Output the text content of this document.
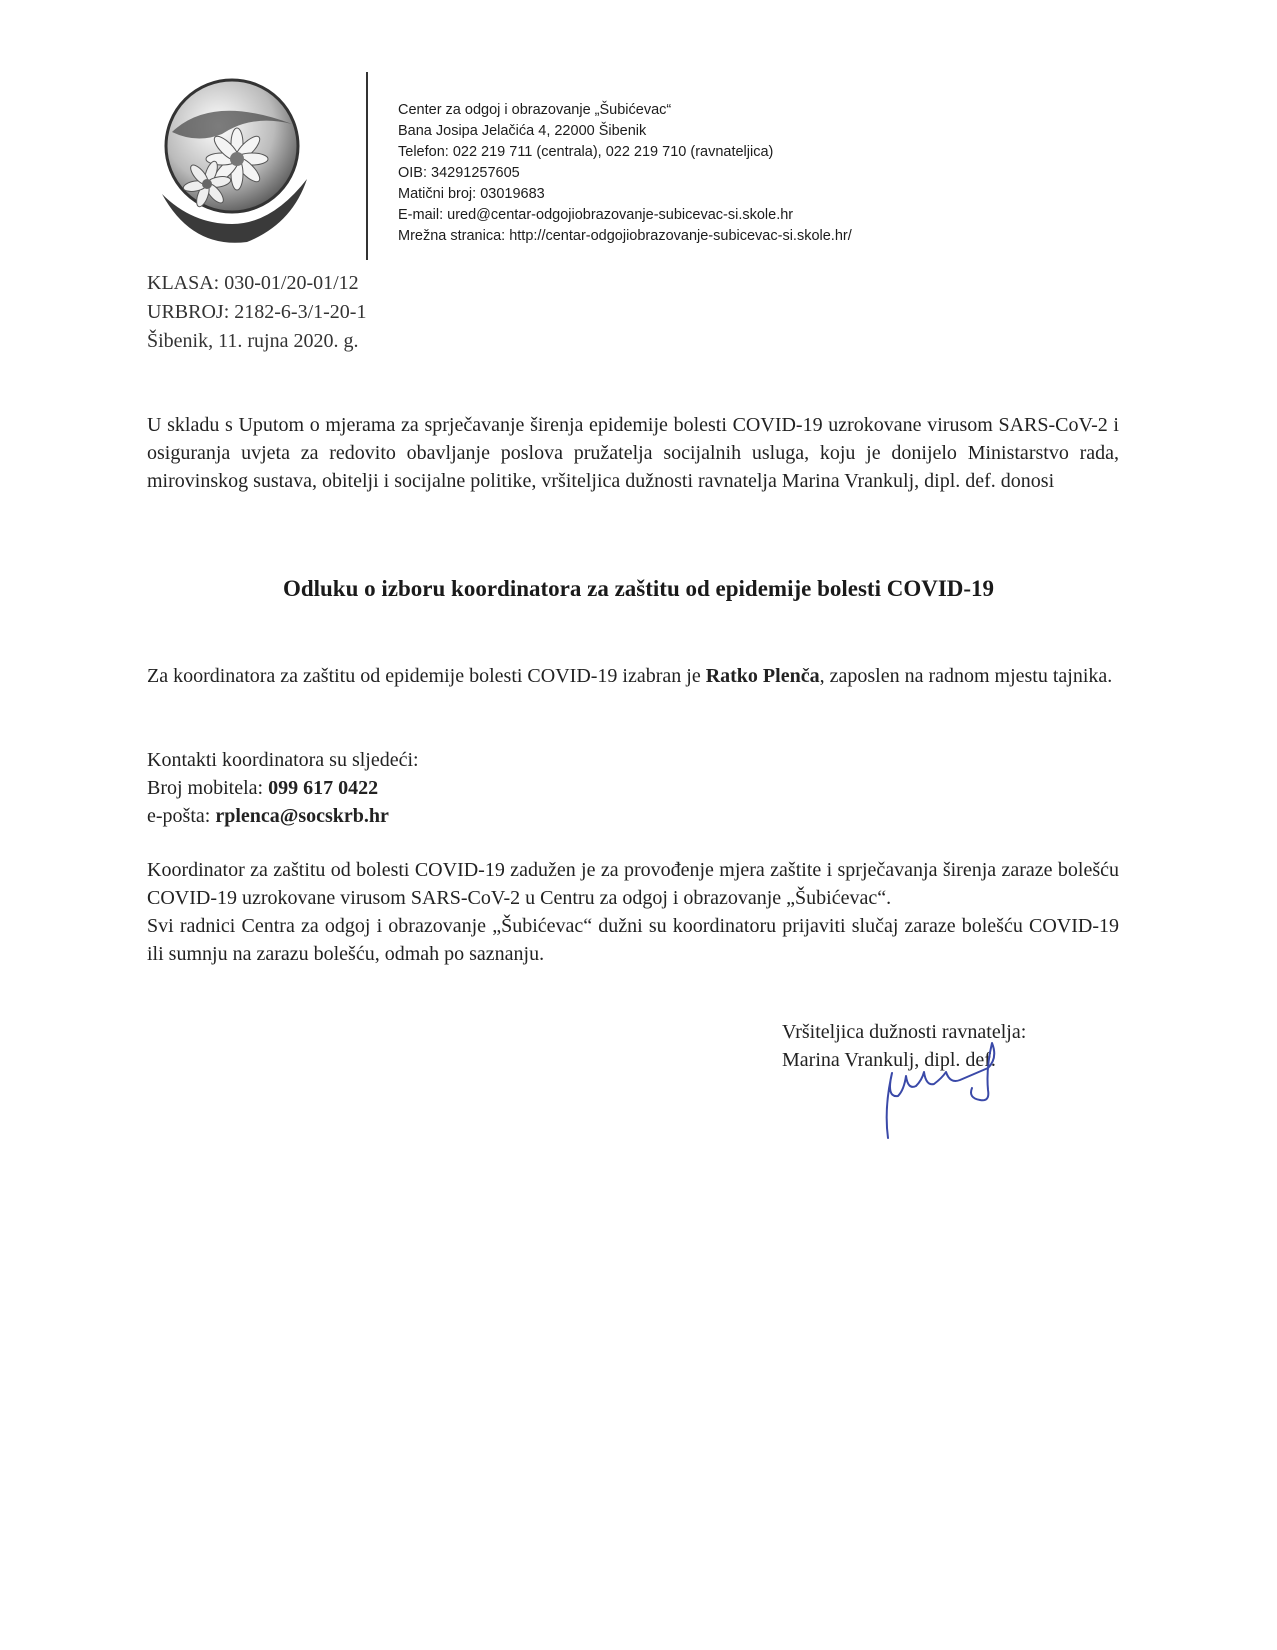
Center za odgoj i obrazovanje „Šubićevac“
Bana Josipa Jelačića 4, 22000 Šibenik
Telefon: 022 219 711 (centrala), 022 219 710 (ravnateljica)
OIB: 34291257605
Matični broj: 03019683
E-mail: ured@centar-odgojiobrazovanje-subicevac-si.skole.hr
Mrežna stranica: http://centar-odgojiobrazovanje-subicevac-si.skole.hr/
KLASA: 030-01/20-01/12
URBROJ: 2182-6-3/1-20-1
Šibenik, 11. rujna 2020. g.

U skladu s Uputom o mjerama za sprječavanje širenja epidemije bolesti COVID-19 uzrokovane virusom SARS-CoV-2 i osiguranja uvjeta za redovito obavljanje poslova pružatelja socijalnih usluga, koju je donijelo Ministarstvo rada, mirovinskog sustava, obitelji i socijalne politike, vršiteljica dužnosti ravnatelja Marina Vrankulj, dipl. def. donosi

Odluku o izboru koordinatora za zaštitu od epidemije bolesti COVID-19

Za koordinatora za zaštitu od epidemije bolesti COVID-19 izabran je Ratko Plenča, zaposlen na radnom mjestu tajnika.

Kontakti koordinatora su sljedeći:
Broj mobitela: 099 617 0422
e-pošta: rplenca@socskrb.hr
Koordinator za zaštitu od bolesti COVID-19 zadužen je za provođenje mjera zaštite i sprječavanja širenja zaraze bolešću COVID-19 uzrokovane virusom SARS-CoV-2 u Centru za odgoj i obrazovanje „Šubićevac“.
Svi radnici Centra za odgoj i obrazovanje „Šubićevac“ dužni su koordinatoru prijaviti slučaj zaraze bolešću COVID-19 ili sumnju na zarazu bolešću, odmah po saznanju.
Vršiteljica dužnosti ravnatelja:
Marina Vrankulj, dipl. def.
